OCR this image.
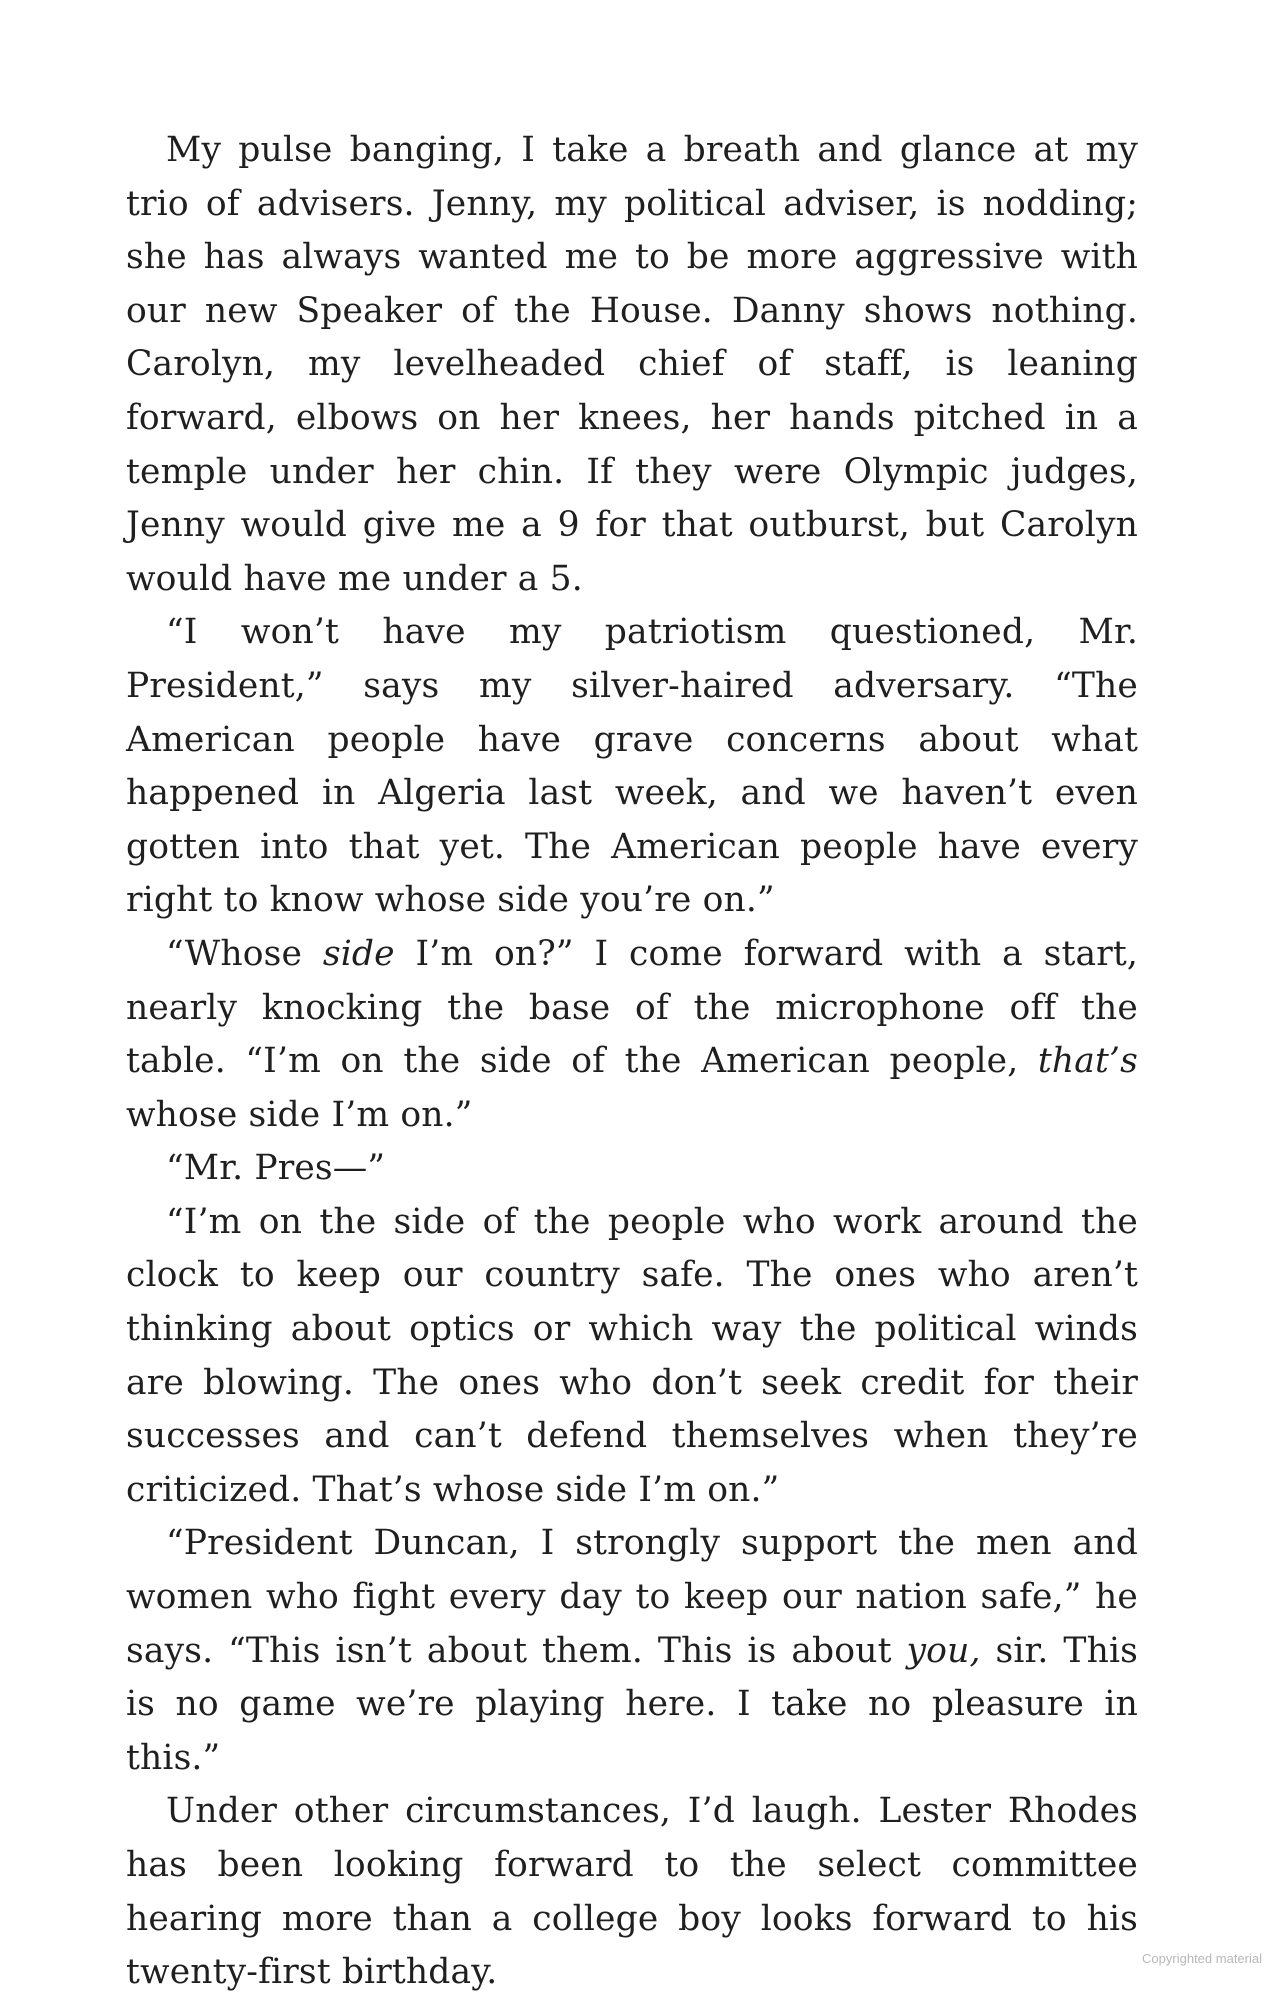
My pulse banging, I take a breath and glance at my trio of advisers. Jenny, my political adviser, is nodding; she has always wanted me to be more aggressive with our new Speaker of the House. Danny shows nothing. Carolyn, my levelheaded chief of staff, is leaning forward, elbows on her knees, her hands pitched in a temple under her chin. If they were Olympic judges, Jenny would give me a 9 for that outburst, but Carolyn would have me under a 5.

“I won’t have my patriotism questioned, Mr. President,” says my silver-haired adversary. “The American people have grave concerns about what happened in Algeria last week, and we haven’t even gotten into that yet. The American people have every right to know whose side you’re on.”

“Whose side I’m on?” I come forward with a start, nearly knocking the base of the microphone off the table. “I’m on the side of the American people, that’s whose side I’m on.”

“Mr. Pres—”

“I’m on the side of the people who work around the clock to keep our country safe. The ones who aren’t thinking about optics or which way the political winds are blowing. The ones who don’t seek credit for their successes and can’t defend themselves when they’re criticized. That’s whose side I’m on.”

“President Duncan, I strongly support the men and women who fight every day to keep our nation safe,” he says. “This isn’t about them. This is about you, sir. This is no game we’re playing here. I take no pleasure in this.”

Under other circumstances, I’d laugh. Lester Rhodes has been looking forward to the select committee hearing more than a college boy looks forward to his twenty-first birthday.	Copyrighted material
